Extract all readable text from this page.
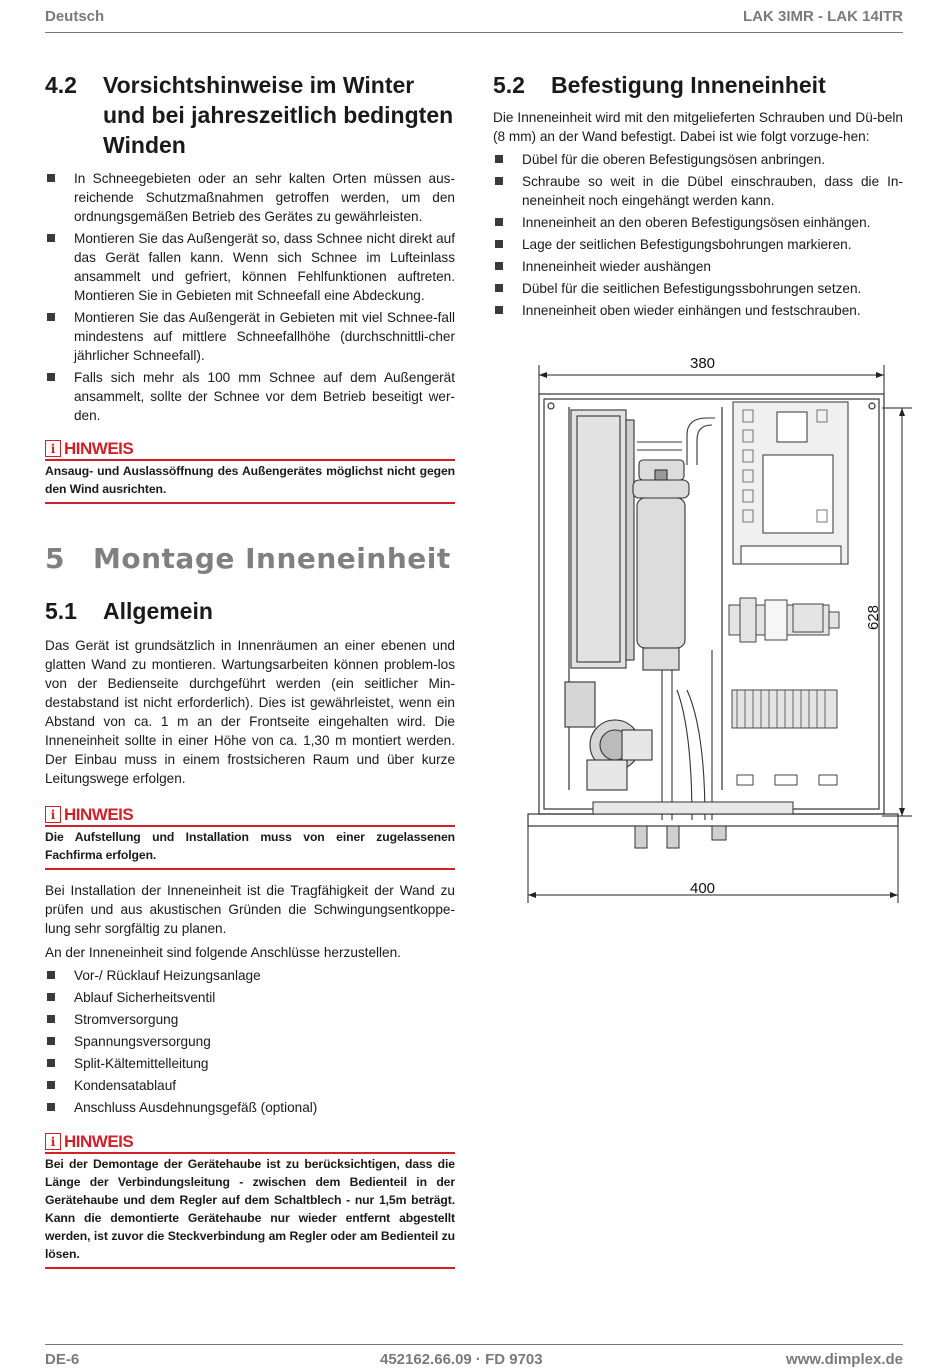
Deutsch	LAK 3IMR - LAK 14ITR
4.2 Vorsichtshinweise im Winter und bei jahreszeitlich bedingten Winden
In Schneegebieten oder an sehr kalten Orten müssen aus-reichende Schutzmaßnahmen getroffen werden, um den ordnungsgemäßen Betrieb des Gerätes zu gewährleisten.
Montieren Sie das Außengerät so, dass Schnee nicht direkt auf das Gerät fallen kann. Wenn sich Schnee im Lufteinlass ansammelt und gefriert, können Fehlfunktionen auftreten. Montieren Sie in Gebieten mit Schneefall eine Abdeckung.
Montieren Sie das Außengerät in Gebieten mit viel Schnee-fall mindestens auf mittlere Schneefallhöhe (durchschnittli-cher jährlicher Schneefall).
Falls sich mehr als 100 mm Schnee auf dem Außengerät ansammelt, sollte der Schnee vor dem Betrieb beseitigt wer-den.
i HINWEIS
Ansaug- und Auslassöffnung des Außengerätes möglichst nicht gegen den Wind ausrichten.
5 Montage Inneneinheit
5.1 Allgemein

Das Gerät ist grundsätzlich in Innenräumen an einer ebenen und glatten Wand zu montieren. Wartungsarbeiten können problem-los von der Bedienseite durchgeführt werden (ein seitlicher Min-destabstand ist nicht erforderlich). Dies ist gewährleistet, wenn ein Abstand von ca. 1 m an der Frontseite eingehalten wird. Die Inneneinheit sollte in einer Höhe von ca. 1,30 m montiert werden. Der Einbau muss in einem frostsicheren Raum und über kurze Leitungswege erfolgen.

i HINWEIS
Die Aufstellung und Installation muss von einer zugelassenen Fachfirma erfolgen.

Bei Installation der Inneneinheit ist die Tragfähigkeit der Wand zu prüfen und aus akustischen Gründen die Schwingungsentkoppe-lung sehr sorgfältig zu planen.

An der Inneneinheit sind folgende Anschlüsse herzustellen.

Vor-/ Rücklauf Heizungsanlage
Ablauf Sicherheitsventil
Stromversorgung
Spannungsversorgung
Split-Kältemittelleitung
Kondensatablauf
Anschluss Ausdehnungsgefäß (optional)
i HINWEIS
Bei der Demontage der Gerätehaube ist zu berücksichtigen, dass die Länge der Verbindungsleitung - zwischen dem Bedienteil in der Gerätehaube und dem Regler auf dem Schaltblech - nur 1,5m beträgt. Kann die demontierte Gerätehaube nur wieder entfernt abgestellt werden, ist zuvor die Steckverbindung am Regler oder am Bedienteil zu lösen.
5.2 Befestigung Inneneinheit

Die Inneneinheit wird mit den mitgelieferten Schrauben und Dü-beln (8 mm) an der Wand befestigt. Dabei ist wie folgt vorzuge-hen:

Dübel für die oberen Befestigungsösen anbringen.
Schraube so weit in die Dübel einschrauben, dass die In-neneinheit noch eingehängt werden kann.
Inneneinheit an den oberen Befestigungsösen einhängen.
Lage der seitlichen Befestigungsbohrungen markieren.
Inneneinheit wieder aushängen
Dübel für die seitlichen Befestigungssbohrungen setzen.
Inneneinheit oben wieder einhängen und festschrauben.
380
400
628
DE-6	452162.66.09 · FD 9703	www.dimplex.de
